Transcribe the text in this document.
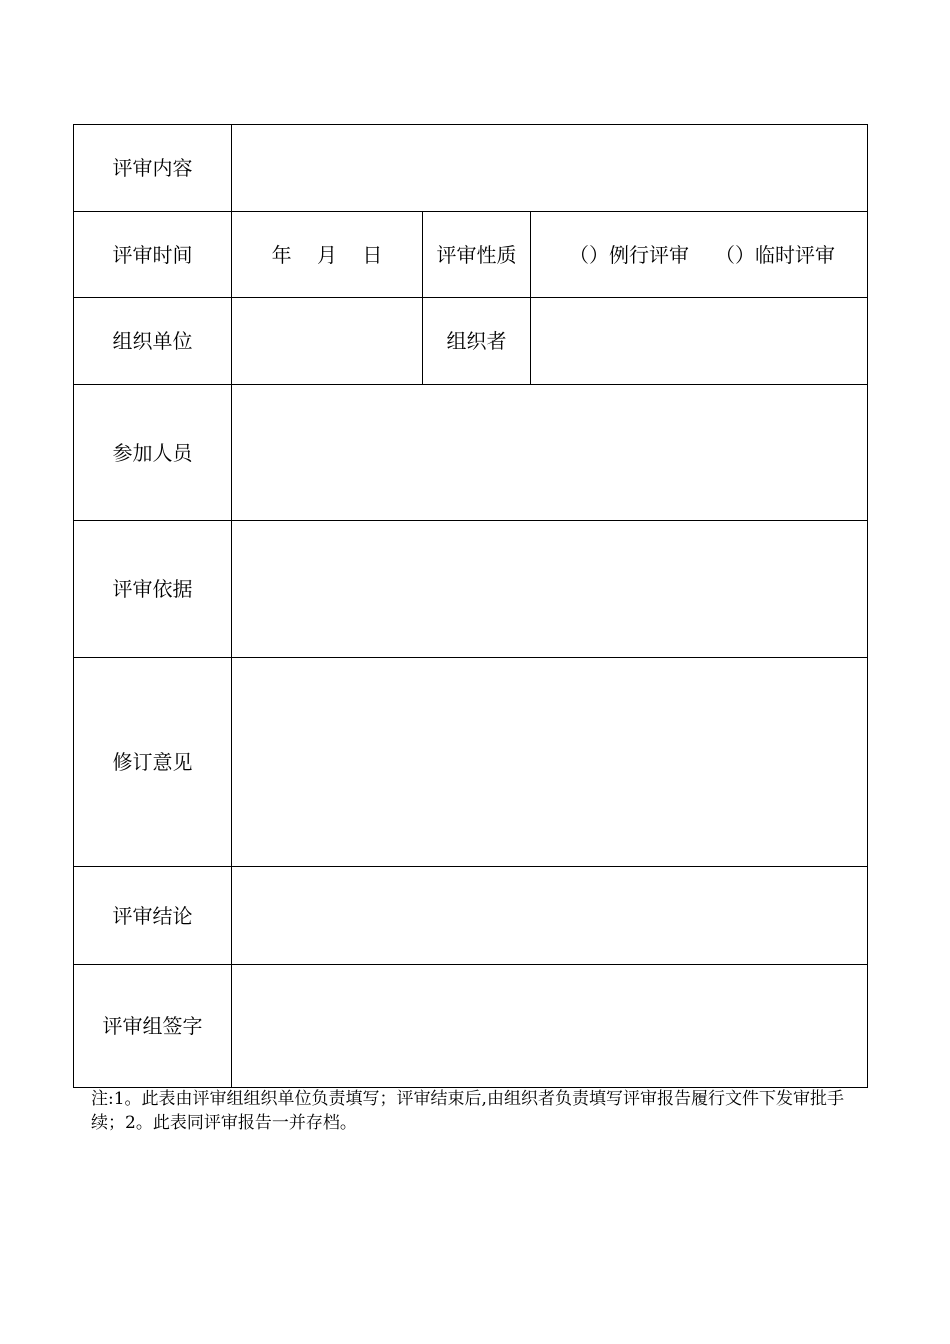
评审内容			
评审时间	年    月    日	评审性质	（）例行评审 （）临时评审
组织单位		组织者	
参加人员			
评审依据			
修订意见			
评审结论			
评审组签字			
注:1。此表由评审组组织单位负责填写；评审结束后,由组织者负责填写评审报告履行文件下发审批手续；2。此表同评审报告一并存档。
